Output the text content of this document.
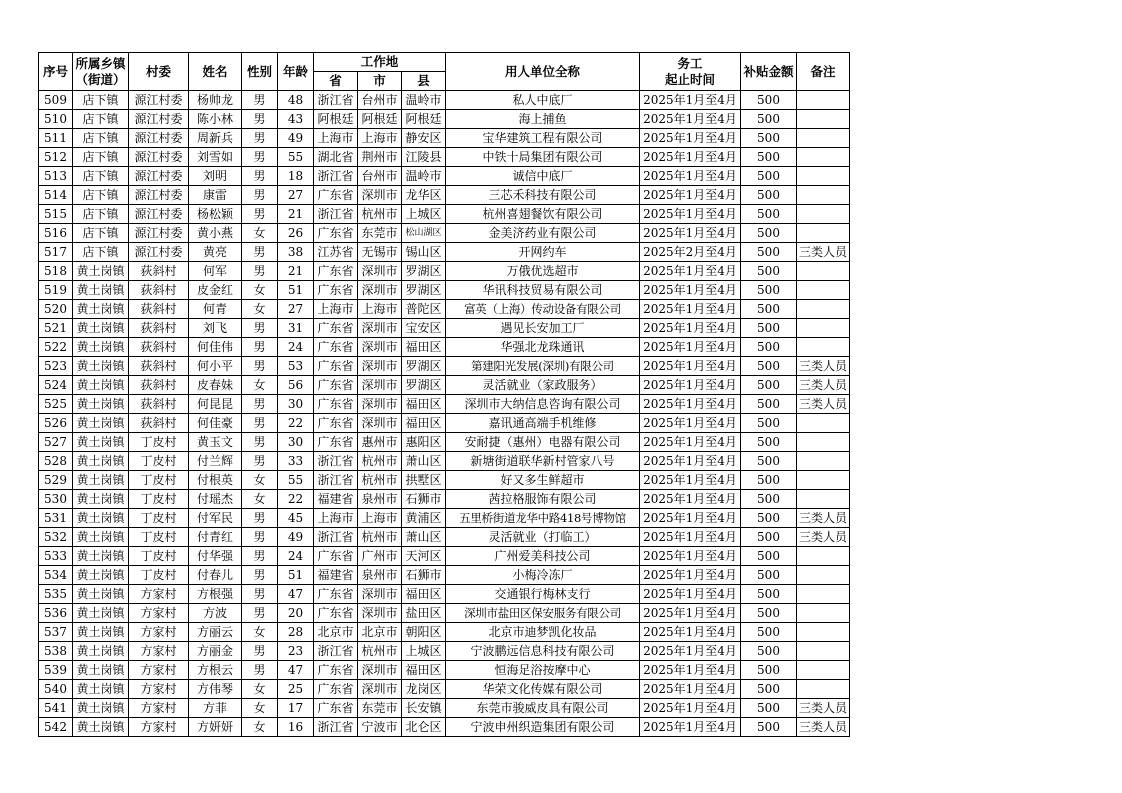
序号	所属乡镇
（街道）	村委	姓名	性别	年龄	工作地			用人单位全称	务工
起止时间	补贴金额	备注
						省	市	县				
509	店下镇	源江村委	杨帅龙	男	48	浙江省	台州市	温岭市	私人中底厂	2025年1月至4月	500	
510	店下镇	源江村委	陈小林	男	43	阿根廷	阿根廷	阿根廷	海上捕鱼	2025年1月至4月	500	
511	店下镇	源江村委	周新兵	男	49	上海市	上海市	静安区	宝华建筑工程有限公司	2025年1月至4月	500	
512	店下镇	源江村委	刘雪如	男	55	湖北省	荆州市	江陵县	中铁十局集团有限公司	2025年1月至4月	500	
513	店下镇	源江村委	刘明	男	18	浙江省	台州市	温岭市	诚信中底厂	2025年1月至4月	500	
514	店下镇	源江村委	康雷	男	27	广东省	深圳市	龙华区	三芯禾科技有限公司	2025年1月至4月	500	
515	店下镇	源江村委	杨松颖	男	21	浙江省	杭州市	上城区	杭州喜翅餐饮有限公司	2025年1月至4月	500	
516	店下镇	源江村委	黄小燕	女	26	广东省	东莞市	松山湖区	金美济药业有限公司	2025年1月至4月	500	
517	店下镇	源江村委	黄亮	男	38	江苏省	无锡市	锡山区	开网约车	2025年2月至4月	500	三类人员
518	黄土岗镇	荻斜村	何军	男	21	广东省	深圳市	罗湖区	万俄优选超市	2025年1月至4月	500	
519	黄土岗镇	荻斜村	皮金红	女	51	广东省	深圳市	罗湖区	华讯科技贸易有限公司	2025年1月至4月	500	
520	黄土岗镇	荻斜村	何青	女	27	上海市	上海市	普陀区	富英（上海）传动设备有限公司	2025年1月至4月	500	
521	黄土岗镇	荻斜村	刘飞	男	31	广东省	深圳市	宝安区	遇见长安加工厂	2025年1月至4月	500	
522	黄土岗镇	荻斜村	何佳伟	男	24	广东省	深圳市	福田区	华强北龙珠通讯	2025年1月至4月	500	
523	黄土岗镇	荻斜村	何小平	男	53	广东省	深圳市	罗湖区	第建阳光发展(深圳)有限公司	2025年1月至4月	500	三类人员
524	黄土岗镇	荻斜村	皮春妹	女	56	广东省	深圳市	罗湖区	灵活就业（家政服务）	2025年1月至4月	500	三类人员
525	黄土岗镇	荻斜村	何昆昆	男	30	广东省	深圳市	福田区	深圳市大纳信息咨询有限公司	2025年1月至4月	500	三类人员
526	黄土岗镇	荻斜村	何佳豪	男	22	广东省	深圳市	福田区	嘉讯通高端手机维修	2025年1月至4月	500	
527	黄土岗镇	丁皮村	黄玉文	男	30	广东省	惠州市	惠阳区	安耐捷（惠州）电器有限公司	2025年1月至4月	500	
528	黄土岗镇	丁皮村	付兰辉	男	33	浙江省	杭州市	萧山区	新塘街道联华新村管家八号	2025年1月至4月	500	
529	黄土岗镇	丁皮村	付根英	女	55	浙江省	杭州市	拱墅区	好又多生鲜超市	2025年1月至4月	500	
530	黄土岗镇	丁皮村	付瑶杰	女	22	福建省	泉州市	石狮市	茜拉格服饰有限公司	2025年1月至4月	500	
531	黄土岗镇	丁皮村	付军民	男	45	上海市	上海市	黄浦区	五里桥街道龙华中路418号博物馆	2025年1月至4月	500	三类人员
532	黄土岗镇	丁皮村	付青红	男	49	浙江省	杭州市	萧山区	灵活就业（打临工）	2025年1月至4月	500	三类人员
533	黄土岗镇	丁皮村	付华强	男	24	广东省	广州市	天河区	广州爱美科技公司	2025年1月至4月	500	
534	黄土岗镇	丁皮村	付春儿	男	51	福建省	泉州市	石狮市	小梅冷冻厂	2025年1月至4月	500	
535	黄土岗镇	方家村	方根强	男	47	广东省	深圳市	福田区	交通银行梅林支行	2025年1月至4月	500	
536	黄土岗镇	方家村	方波	男	20	广东省	深圳市	盐田区	深圳市盐田区保安服务有限公司	2025年1月至4月	500	
537	黄土岗镇	方家村	方丽云	女	28	北京市	北京市	朝阳区	北京市迪梦凯化妆品	2025年1月至4月	500	
538	黄土岗镇	方家村	方丽金	男	23	浙江省	杭州市	上城区	宁波鹏远信息科技有限公司	2025年1月至4月	500	
539	黄土岗镇	方家村	方根云	男	47	广东省	深圳市	福田区	恒海足浴按摩中心	2025年1月至4月	500	
540	黄土岗镇	方家村	方伟琴	女	25	广东省	深圳市	龙岗区	华荣文化传媒有限公司	2025年1月至4月	500	
541	黄土岗镇	方家村	方菲	女	17	广东省	东莞市	长安镇	东莞市骏威皮具有限公司	2025年1月至4月	500	三类人员
542	黄土岗镇	方家村	方妍妍	女	16	浙江省	宁波市	北仑区	宁波申州织造集团有限公司	2025年1月至4月	500	三类人员
